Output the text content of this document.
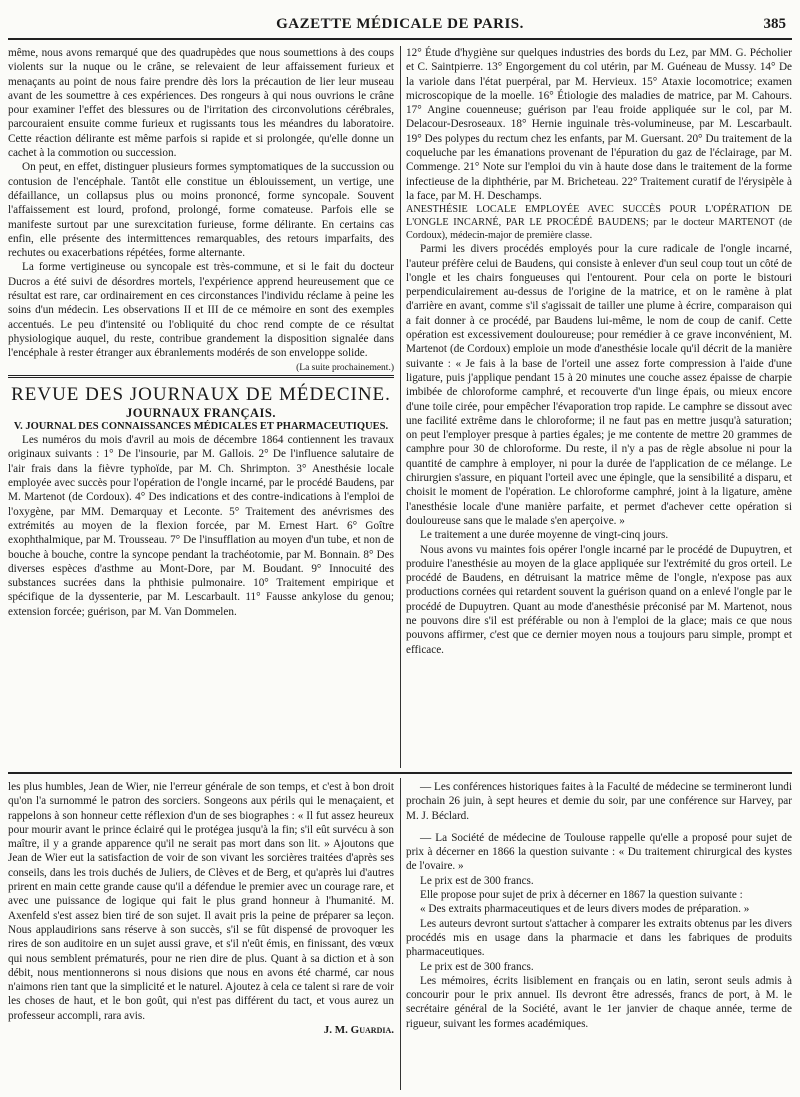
GAZETTE MÉDICALE DE PARIS.	385

même, nous avons remarqué que des quadrupèdes que nous soumettions à des coups violents sur la nuque ou le crâne, se relevaient de leur affaissement furieux et menaçants au point de nous faire prendre dès lors la précaution de lier leur museau avant de les soumettre à ces expériences. Des rongeurs à qui nous ouvrions le crâne pour examiner l'effet des blessures ou de l'irritation des circonvolutions cérébrales, parcouraient ensuite comme furieux et rugissants tous les méandres du laboratoire. Cette réaction délirante est même parfois si rapide et si prolongée, qu'elle donne un cachet à la commotion ou succession.

On peut, en effet, distinguer plusieurs formes symptomatiques de la succussion ou contusion de l'encéphale. Tantôt elle constitue un éblouissement, un vertige, une défaillance, un collapsus plus ou moins prononcé, forme syncopale. Souvent l'affaissement est lourd, profond, prolongé, forme comateuse. Parfois elle se manifeste surtout par une surexcitation furieuse, forme délirante. En certains cas enfin, elle présente des intermittences remarquables, des retours imparfaits, des rechutes ou exacerbations répétées, forme alternante.

La forme vertigineuse ou syncopale est très-commune, et si le fait du docteur Ducros a été suivi de désordres mortels, l'expérience apprend heureusement que ce résultat est rare, car ordinairement en ces circonstances l'individu réclame à peine les soins d'un médecin. Les observations II et III de ce mémoire en sont des exemples accentués. Le peu d'intensité ou l'obliquité du choc rend compte de ce résultat physiologique auquel, du reste, contribue grandement la disposition signalée dans l'encéphale à rester étranger aux ébranlements modérés de son enveloppe solide.

(La suite prochainement.)

REVUE DES JOURNAUX DE MÉDECINE.

JOURNAUX FRANÇAIS.

V. JOURNAL DES CONNAISSANCES MÉDICALES ET PHARMACEUTIQUES.

Les numéros du mois d'avril au mois de décembre 1864 contiennent les travaux originaux suivants : 1° De l'insourie, par M. Gallois. 2° De l'influence salutaire de l'air frais dans la fièvre typhoïde, par M. Ch. Shrimpton. 3° Anesthésie locale employée avec succès pour l'opération de l'ongle incarné, par le procédé Baudens, par M. Martenot (de Cordoux). 4° Des indications et des contre-indications à l'emploi de l'oxygène, par MM. Demarquay et Leconte. 5° Traitement des anévrismes des extrémités au moyen de la flexion forcée, par M. Ernest Hart. 6° Goître exophthalmique, par M. Trousseau. 7° De l'insufflation au moyen d'un tube, et non de bouche à bouche, contre la syncope pendant la trachéotomie, par M. Bonnain. 8° Des diverses espèces d'asthme au Mont-Dore, par M. Boudant. 9° Innocuité des substances sucrées dans la phthisie pulmonaire. 10° Traitement empirique et spécifique de la dyssenterie, par M. Lescarbault. 11° Fausse ankylose du genou; extension forcée; guérison, par M. Van Dommelen.

12° Étude d'hygiène sur quelques industries des bords du Lez, par MM. G. Pécholier et C. Saintpierre. 13° Engorgement du col utérin, par M. Guéneau de Mussy. 14° De la variole dans l'état puerpéral, par M. Hervieux. 15° Ataxie locomotrice; examen microscopique de la moelle. 16° Étiologie des maladies de matrice, par M. Cahours. 17° Angine couenneuse; guérison par l'eau froide appliquée sur le col, par M. Delacour-Desroseaux. 18° Hernie inguinale très-volumineuse, par M. Lescarbault. 19° Des polypes du rectum chez les enfants, par M. Guersant. 20° Du traitement de la coqueluche par les émanations provenant de l'épuration du gaz de l'éclairage, par M. Commenge. 21° Note sur l'emploi du vin à haute dose dans le traitement de la forme infectieuse de la diphthérie, par M. Bricheteau. 22° Traitement curatif de l'érysipèle à la face, par M. H. Deschamps.

ANESTHÉSIE LOCALE EMPLOYÉE AVEC SUCCÈS POUR L'OPÉRATION DE L'ONGLE INCARNÉ, PAR LE PROCÉDÉ BAUDENS; par le docteur MARTENOT (de Cordoux), médecin-major de première classe.

Parmi les divers procédés employés pour la cure radicale de l'ongle incarné, l'auteur préfère celui de Baudens, qui consiste à enlever d'un seul coup tout un côté de l'ongle et les chairs fongueuses qui l'entourent. Pour cela on porte le bistouri perpendiculairement au-dessus de l'origine de la matrice, et on le ramène à plat d'arrière en avant, comme s'il s'agissait de tailler une plume à écrire, comparaison qui a fait donner à ce procédé, par Baudens lui-même, le nom de coup de canif. Cette opération est excessivement douloureuse; pour remédier à ce grave inconvénient, M. Martenot (de Cordoux) emploie un mode d'anesthésie locale qu'il décrit de la manière suivante : « Je fais à la base de l'orteil une assez forte compression à l'aide d'une ligature, puis j'applique pendant 15 à 20 minutes une couche assez épaisse de charpie imbibée de chloroforme camphré, et recouverte d'un linge épais, ou mieux encore d'une toile cirée, pour empêcher l'évaporation trop rapide. Le camphre se dissout avec une facilité extrême dans le chloroforme; il ne faut pas en mettre jusqu'à saturation; on peut l'employer presque à parties égales; je me contente de mettre 20 grammes de camphre pour 30 de chloroforme. Du reste, il n'y a pas de règle absolue ni pour la quantité de camphre à employer, ni pour la durée de l'application de ce mélange. Le chirurgien s'assure, en piquant l'orteil avec une épingle, que la sensibilité a disparu, et choisit le moment de l'opération. Le chloroforme camphré, joint à la ligature, amène l'anesthésie locale d'une manière parfaite, et permet d'achever cette opération si douloureuse sans que le malade s'en aperçoive. »

Le traitement a une durée moyenne de vingt-cinq jours.

Nous avons vu maintes fois opérer l'ongle incarné par le procédé de Dupuytren, et produire l'anesthésie au moyen de la glace appliquée sur l'extrémité du gros orteil. Le procédé de Baudens, en détruisant la matrice même de l'ongle, n'expose pas aux productions cornées qui retardent souvent la guérison quand on a enlevé l'ongle par le procédé de Dupuytren. Quant au mode d'anesthésie préconisé par M. Martenot, nous ne pouvons dire s'il est préférable ou non à l'emploi de la glace; mais ce que nous pouvons affirmer, c'est que ce dernier moyen nous a toujours paru simple, prompt et efficace.

les plus humbles, Jean de Wier, nie l'erreur générale de son temps, et c'est à bon droit qu'on l'a surnommé le patron des sorciers. Songeons aux périls qui le menaçaient, et rappelons à son honneur cette réflexion d'un de ses biographes : « Il fut assez heureux pour mourir avant le prince éclairé qui le protégea jusqu'à la fin; s'il eût survécu à son maître, il y a grande apparence qu'il ne serait pas mort dans son lit. » Ajoutons que Jean de Wier eut la satisfaction de voir de son vivant les sorcières traitées d'après ses conseils, dans les trois duchés de Juliers, de Clèves et de Berg, et qu'après lui d'autres prirent en main cette grande cause qu'il a défendue le premier avec un courage rare, et avec une puissance de logique qui fait le plus grand honneur à l'humanité. M. Axenfeld s'est assez bien tiré de son sujet. Il avait pris la peine de préparer sa leçon. Nous applaudirions sans réserve à son succès, s'il se fût dispensé de provoquer les rires de son auditoire en un sujet aussi grave, et s'il n'eût émis, en finissant, des vœux qui nous semblent prématurés, pour ne rien dire de plus. Quant à sa diction et à son débit, nous mentionnerons si nous disions que nous en avons été charmé, car nous n'aimons rien tant que la simplicité et le naturel. Ajoutez à cela ce talent si rare de voir les choses de haut, et le bon goût, qui n'est pas différent du tact, et vous aurez un professeur accompli, rara avis.

J. M. Guardia.

— Les conférences historiques faites à la Faculté de médecine se termineront lundi prochain 26 juin, à sept heures et demie du soir, par une conférence sur Harvey, par M. J. Béclard.

— La Société de médecine de Toulouse rappelle qu'elle a proposé pour sujet de prix à décerner en 1866 la question suivante : « Du traitement chirurgical des kystes de l'ovaire. »

Le prix est de 300 francs.

Elle propose pour sujet de prix à décerner en 1867 la question suivante :

« Des extraits pharmaceutiques et de leurs divers modes de préparation. »

Les auteurs devront surtout s'attacher à comparer les extraits obtenus par les divers procédés mis en usage dans la pharmacie et dans les fabriques de produits pharmaceutiques.

Le prix est de 300 francs.

Les mémoires, écrits lisiblement en français ou en latin, seront seuls admis à concourir pour le prix annuel. Ils devront être adressés, francs de port, à M. le secrétaire général de la Société, avant le 1er janvier de chaque année, terme de rigueur, suivant les formes académiques.
